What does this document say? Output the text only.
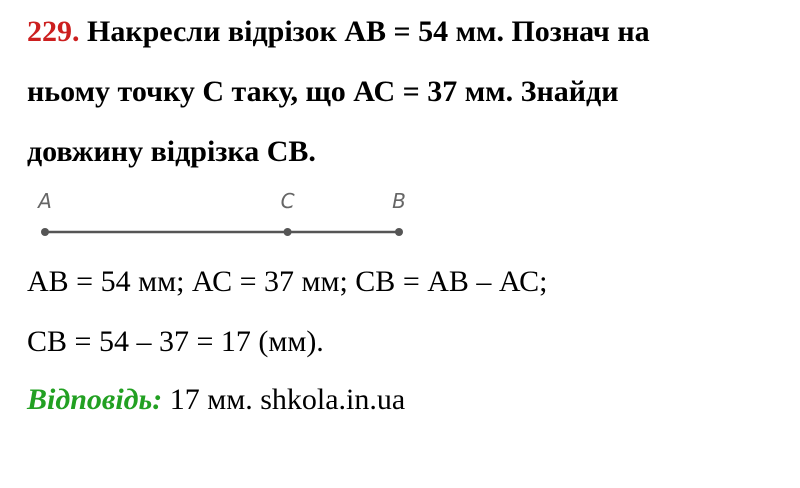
229. Накресли відрізок АВ = 54 мм. Познач на
ньому точку С таку, що АС = 37 мм. Знайди
довжину відрізка СВ.
A	C	B
АВ = 54 мм; АС = 37 мм; СВ = АВ – АС;
СВ = 54 – 37 = 17 (мм).
Відповідь: 17 мм. shkola.in.ua
